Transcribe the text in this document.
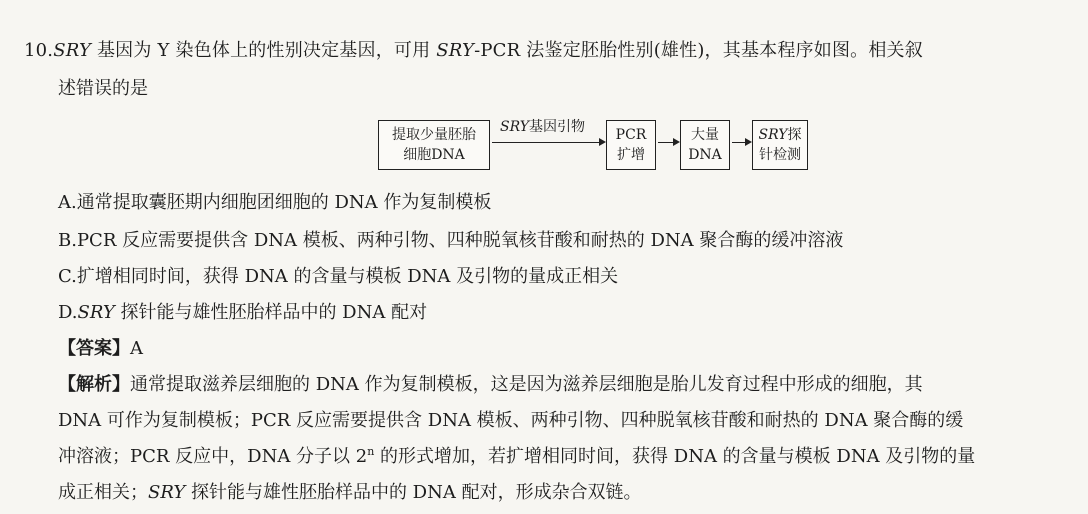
10.SRY 基因为 Y 染色体上的性别决定基因，可用 SRY-PCR 法鉴定胚胎性别(雄性)，其基本程序如图。相关叙
述错误的是
提取少量胚胎
细胞DNA
SRY基因引物	PCR
扩增
大量
DNA
SRY探
针检测
A.通常提取囊胚期内细胞团细胞的 DNA 作为复制模板
B.PCR 反应需要提供含 DNA 模板、两种引物、四种脱氧核苷酸和耐热的 DNA 聚合酶的缓冲溶液
C.扩增相同时间，获得 DNA 的含量与模板 DNA 及引物的量成正相关
D.SRY 探针能与雄性胚胎样品中的 DNA 配对
【答案】A
【解析】通常提取滋养层细胞的 DNA 作为复制模板，这是因为滋养层细胞是胎儿发育过程中形成的细胞，其
DNA 可作为复制模板；PCR 反应需要提供含 DNA 模板、两种引物、四种脱氧核苷酸和耐热的 DNA 聚合酶的缓
冲溶液；PCR 反应中，DNA 分子以 2$^n$ 的形式增加，若扩增相同时间，获得 DNA 的含量与模板 DNA 及引物的量
成正相关；SRY 探针能与雄性胚胎样品中的 DNA 配对，形成杂合双链。
